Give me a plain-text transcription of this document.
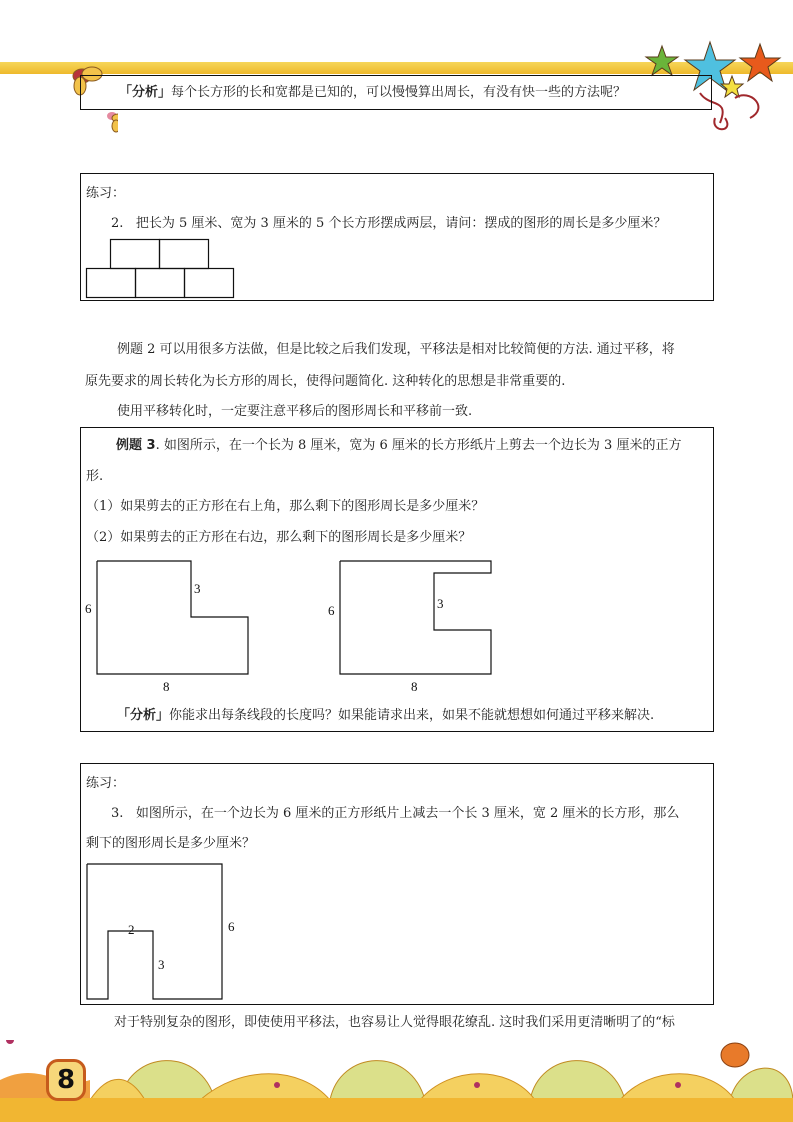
「分析」每个长方形的长和宽都是已知的，可以慢慢算出周长，有没有快一些的方法呢？
练习：
2. 把长为 5 厘米、宽为 3 厘米的 5 个长方形摆成两层，请问：摆成的图形的周长是多少厘米？
例题 2 可以用很多方法做，但是比较之后我们发现，平移法是相对比较简便的方法. 通过平移，将
原先要求的周长转化为长方形的周长，使得问题简化. 这种转化的思想是非常重要的.
使用平移转化时，一定要注意平移后的图形周长和平移前一致.
例题 3. 如图所示，在一个长为 8 厘米，宽为 6 厘米的长方形纸片上剪去一个边长为 3 厘米的正方
形.
（1）如果剪去的正方形在右上角，那么剩下的图形周长是多少厘米？
（2）如果剪去的正方形在右边，那么剩下的图形周长是多少厘米？
6
3
8
6	3
8
「分析」你能求出每条线段的长度吗？如果能请求出来，如果不能就想想如何通过平移来解决.
练习：
3. 如图所示，在一个边长为 6 厘米的正方形纸片上减去一个长 3 厘米，宽 2 厘米的长方形，那么
剩下的图形周长是多少厘米？
2
3
6
对于特别复杂的图形，即使使用平移法，也容易让人觉得眼花缭乱. 这时我们采用更清晰明了的“标
8
